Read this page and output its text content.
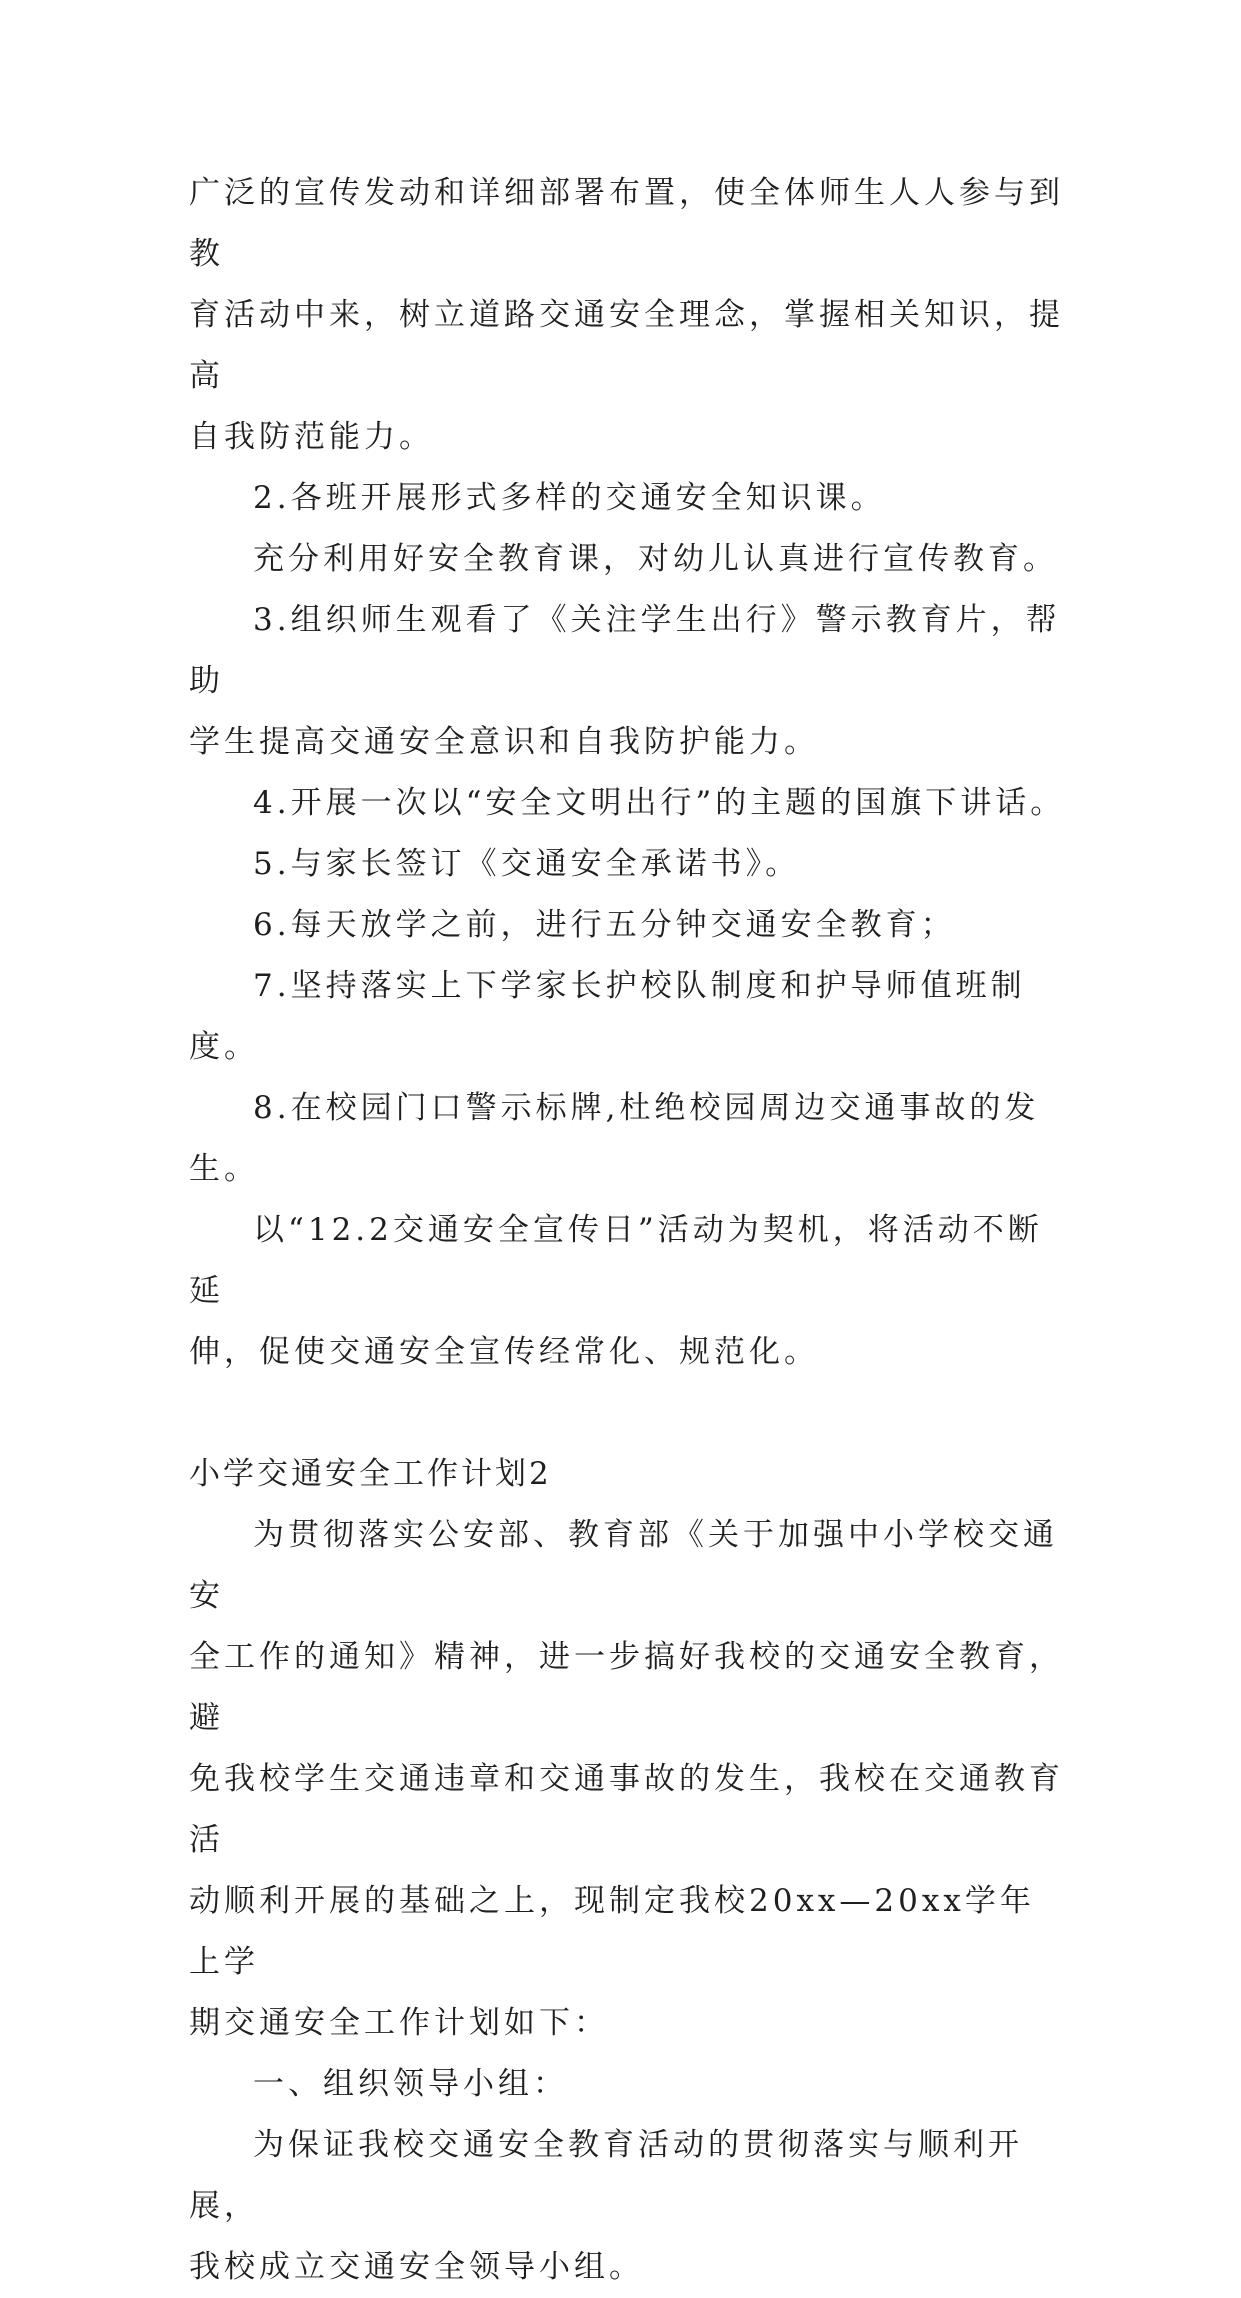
广泛的宣传发动和详细部署布置，使全体师生人人参与到教

育活动中来，树立道路交通安全理念，掌握相关知识，提高

自我防范能力。

2.各班开展形式多样的交通安全知识课。

充分利用好安全教育课，对幼儿认真进行宣传教育。

3.组织师生观看了《关注学生出行》警示教育片，帮助

学生提高交通安全意识和自我防护能力。

4.开展一次以“安全文明出行”的主题的国旗下讲话。

5.与家长签订《交通安全承诺书》。

6.每天放学之前，进行五分钟交通安全教育；

7.坚持落实上下学家长护校队制度和护导师值班制度。

8.在校园门口警示标牌,杜绝校园周边交通事故的发生。

以“12.2交通安全宣传日”活动为契机，将活动不断延

伸，促使交通安全宣传经常化、规范化。

小学交通安全工作计划2

为贯彻落实公安部、教育部《关于加强中小学校交通安

全工作的通知》精神，进一步搞好我校的交通安全教育，避

免我校学生交通违章和交通事故的发生，我校在交通教育活

动顺利开展的基础之上，现制定我校20xx—20xx学年上学

期交通安全工作计划如下：

一、组织领导小组：

为保证我校交通安全教育活动的贯彻落实与顺利开展，

我校成立交通安全领导小组。
